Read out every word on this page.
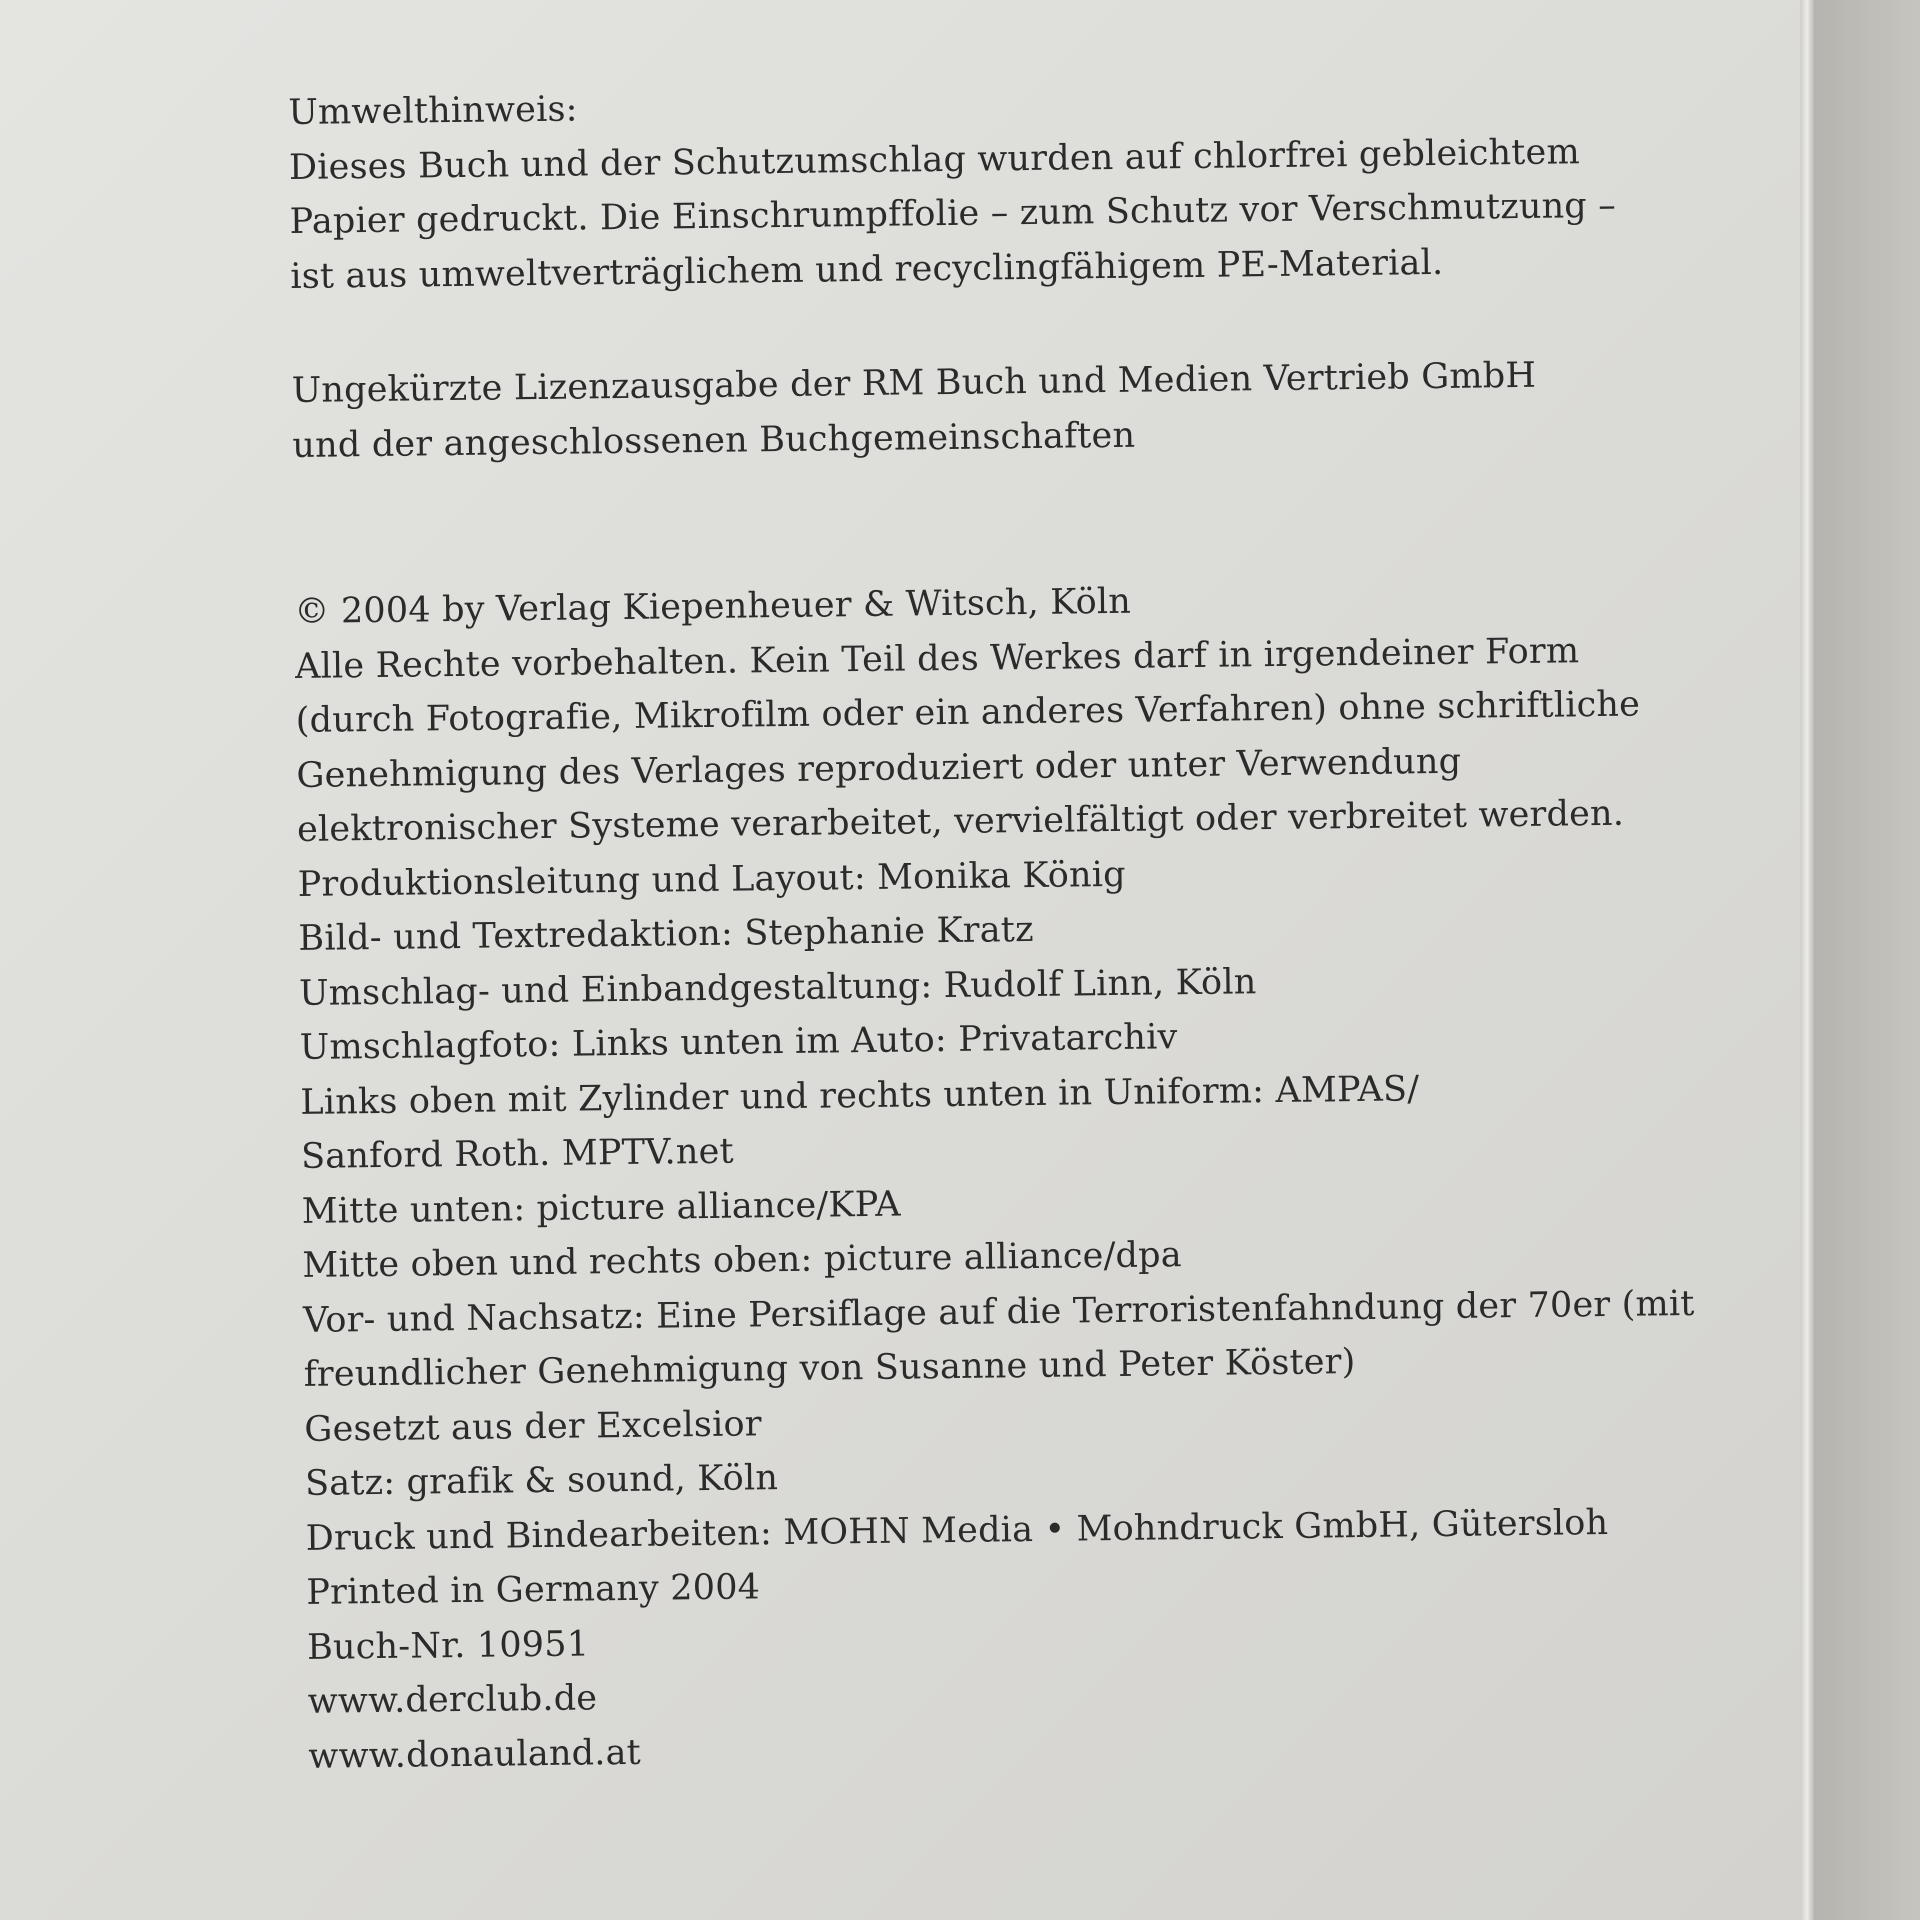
Umwelthinweis:
Dieses Buch und der Schutzumschlag wurden auf chlorfrei gebleichtem
Papier gedruckt. Die Einschrumpffolie – zum Schutz vor Verschmutzung –
ist aus umweltverträglichem und recyclingfähigem PE-Material.
Ungekürzte Lizenzausgabe der RM Buch und Medien Vertrieb GmbH
und der angeschlossenen Buchgemeinschaften
© 2004 by Verlag Kiepenheuer & Witsch, Köln
Alle Rechte vorbehalten. Kein Teil des Werkes darf in irgendeiner Form
(durch Fotografie, Mikrofilm oder ein anderes Verfahren) ohne schriftliche
Genehmigung des Verlages reproduziert oder unter Verwendung
elektronischer Systeme verarbeitet, vervielfältigt oder verbreitet werden.
Produktionsleitung und Layout: Monika König
Bild- und Textredaktion: Stephanie Kratz
Umschlag- und Einbandgestaltung: Rudolf Linn, Köln
Umschlagfoto: Links unten im Auto: Privatarchiv
Links oben mit Zylinder und rechts unten in Uniform: AMPAS/
Sanford Roth. MPTV.net
Mitte unten: picture alliance/KPA
Mitte oben und rechts oben: picture alliance/dpa
Vor- und Nachsatz: Eine Persiflage auf die Terroristenfahndung der 70er (mit
freundlicher Genehmigung von Susanne und Peter Köster)
Gesetzt aus der Excelsior
Satz: grafik & sound, Köln
Druck und Bindearbeiten: MOHN Media • Mohndruck GmbH, Gütersloh
Printed in Germany 2004
Buch-Nr. 10951
www.derclub.de
www.donauland.at
